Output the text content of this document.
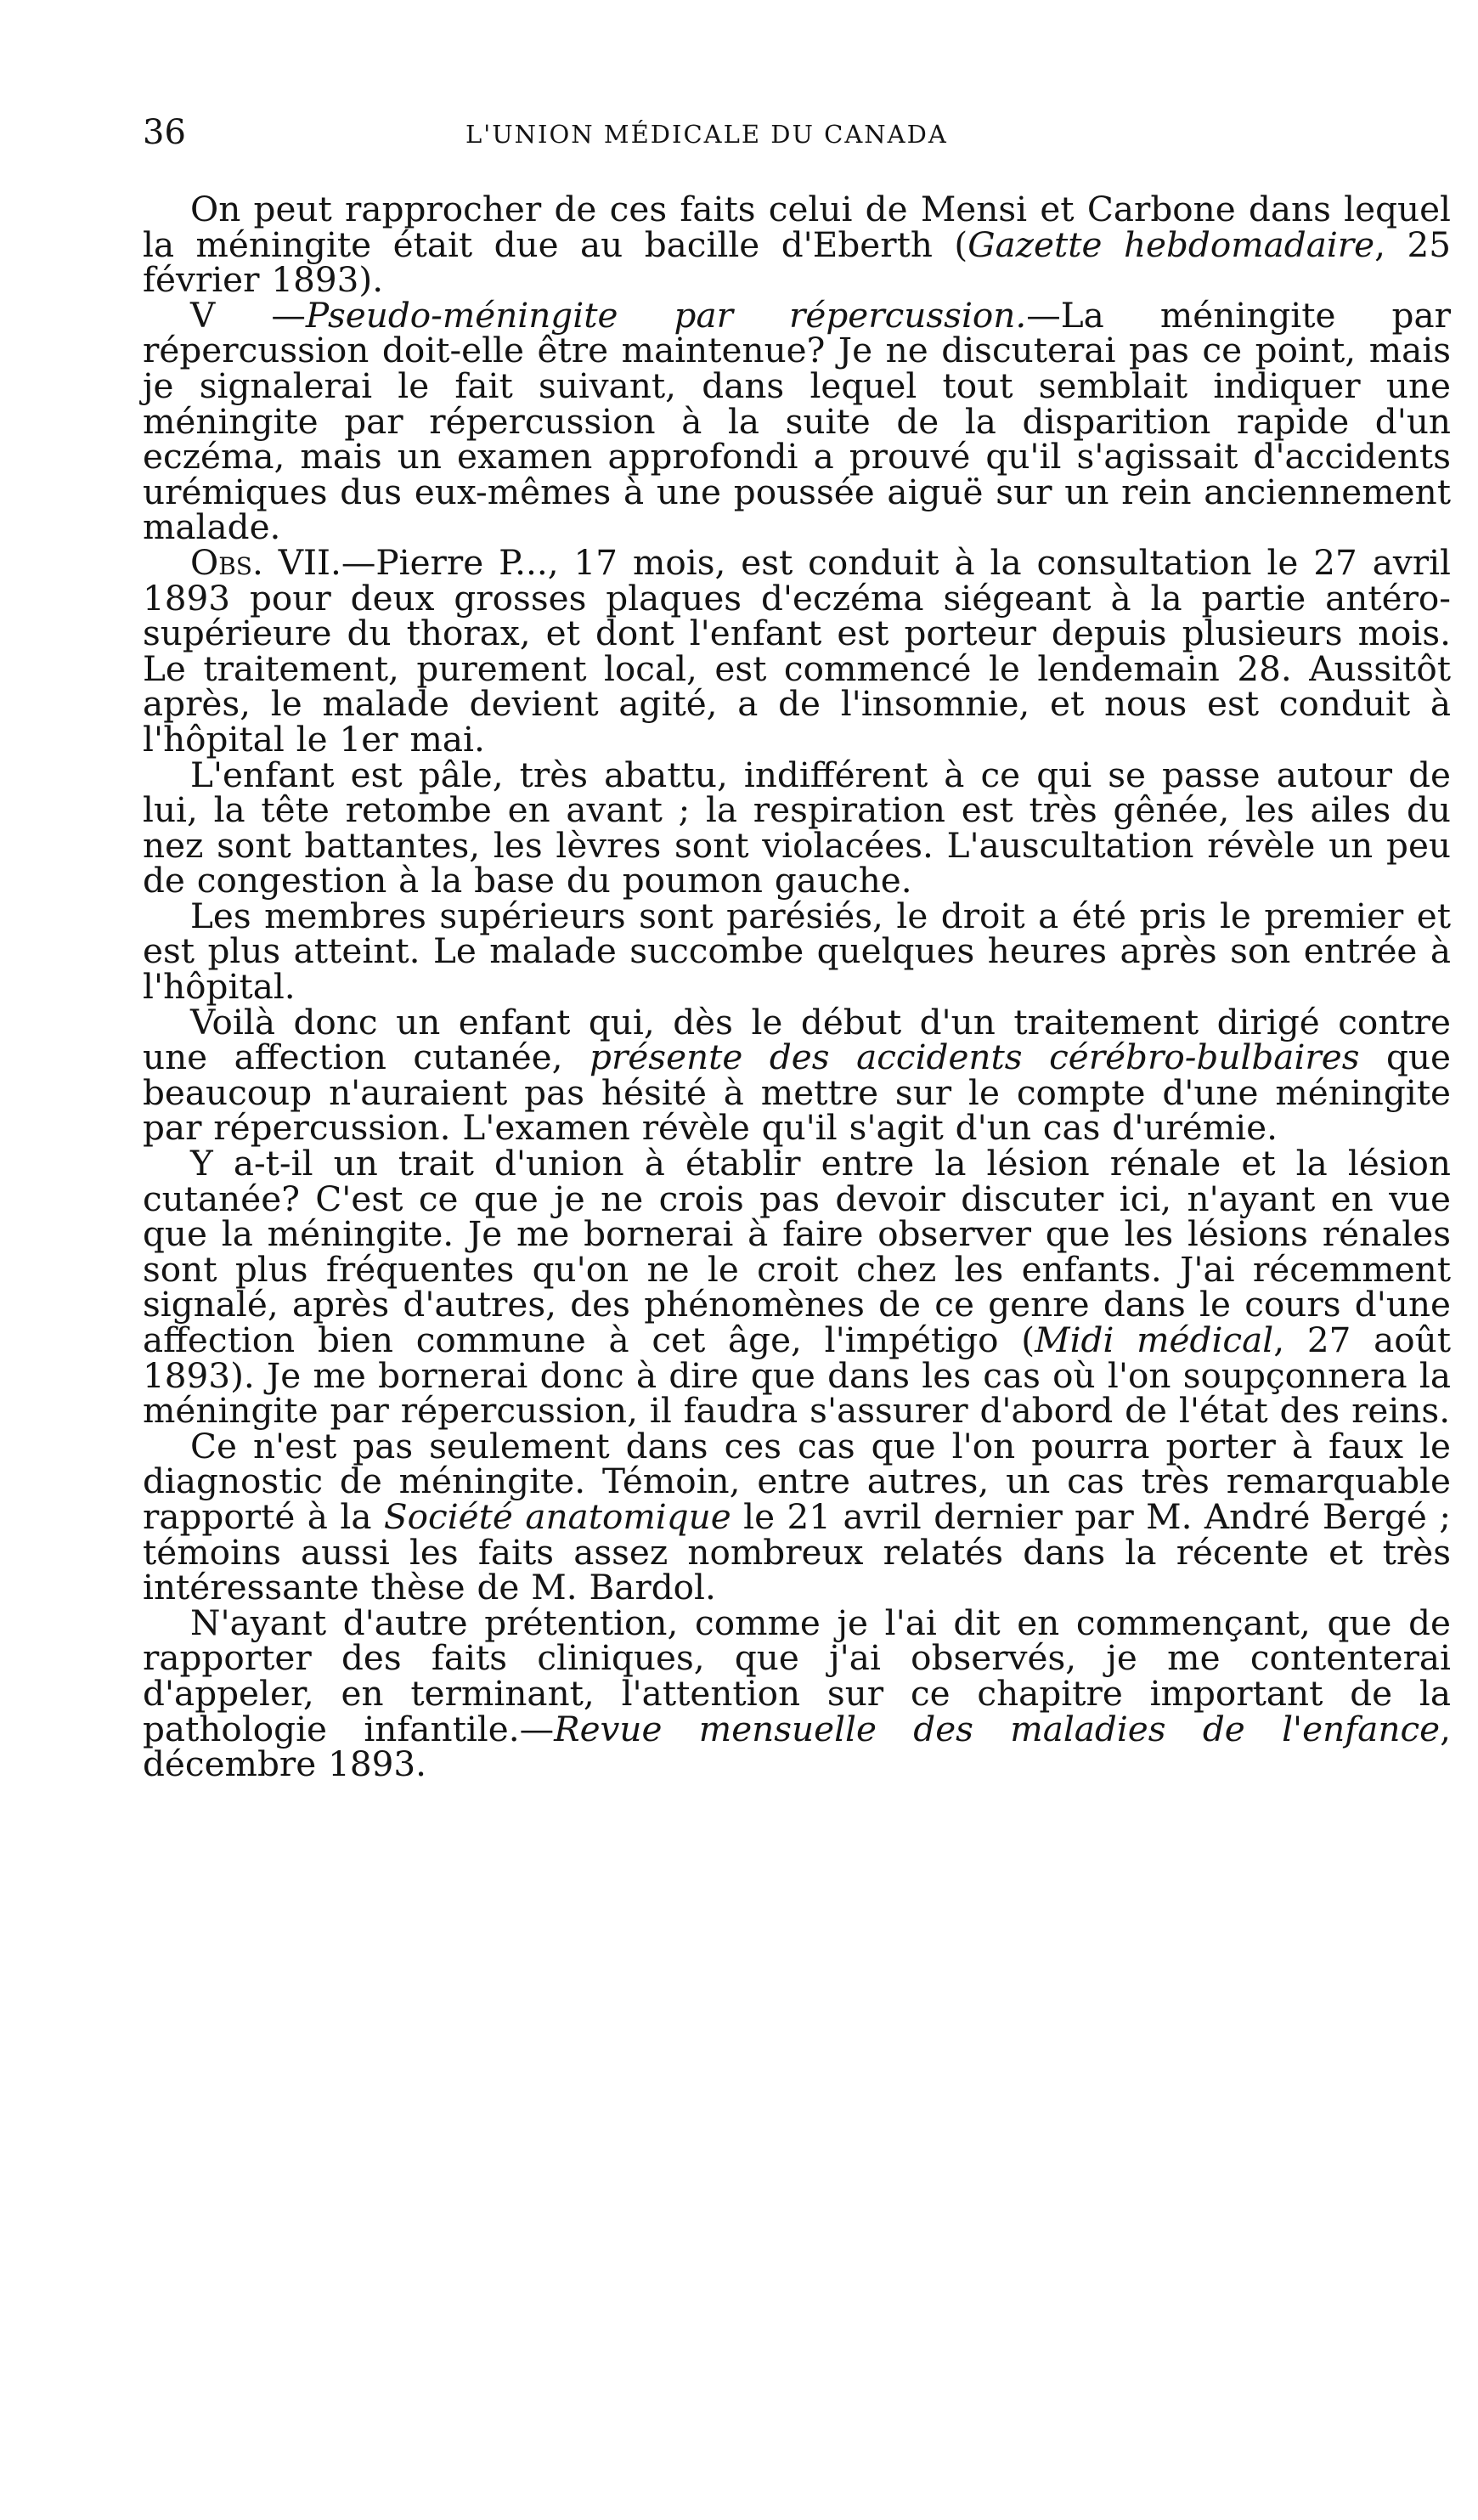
36	L'UNION MÉDICALE DU CANADA

On peut rapprocher de ces faits celui de Mensi et Carbone dans lequel la méningite était due au bacille d'Eberth (Gazette hebdomadaire, 25 février 1893).

V —Pseudo-méningite par répercussion.—La méningite par répercussion doit-elle être maintenue? Je ne discuterai pas ce point, mais je signalerai le fait suivant, dans lequel tout semblait indiquer une méningite par répercussion à la suite de la disparition rapide d'un eczéma, mais un examen approfondi a prouvé qu'il s'agissait d'accidents urémiques dus eux-mêmes à une poussée aiguë sur un rein anciennement malade.

Obs. VII.—Pierre P..., 17 mois, est conduit à la consultation le 27 avril 1893 pour deux grosses plaques d'eczéma siégeant à la partie antéro-supérieure du thorax, et dont l'enfant est porteur depuis plusieurs mois. Le traitement, purement local, est commencé le lendemain 28. Aussitôt après, le malade devient agité, a de l'insomnie, et nous est conduit à l'hôpital le 1er mai.

L'enfant est pâle, très abattu, indifférent à ce qui se passe autour de lui, la tête retombe en avant ; la respiration est très gênée, les ailes du nez sont battantes, les lèvres sont violacées. L'auscultation révèle un peu de congestion à la base du poumon gauche.

Les membres supérieurs sont parésiés, le droit a été pris le premier et est plus atteint. Le malade succombe quelques heures après son entrée à l'hôpital.

Voilà donc un enfant qui, dès le début d'un traitement dirigé contre une affection cutanée, présente des accidents cérébro-bulbaires que beaucoup n'auraient pas hésité à mettre sur le compte d'une méningite par répercussion. L'examen révèle qu'il s'agit d'un cas d'urémie.

Y a-t-il un trait d'union à établir entre la lésion rénale et la lésion cutanée? C'est ce que je ne crois pas devoir discuter ici, n'ayant en vue que la méningite. Je me bornerai à faire observer que les lésions rénales sont plus fréquentes qu'on ne le croit chez les enfants. J'ai récemment signalé, après d'autres, des phénomènes de ce genre dans le cours d'une affection bien commune à cet âge, l'impétigo (Midi médical, 27 août 1893). Je me bornerai donc à dire que dans les cas où l'on soupçonnera la méningite par répercussion, il faudra s'assurer d'abord de l'état des reins.

Ce n'est pas seulement dans ces cas que l'on pourra porter à faux le diagnostic de méningite. Témoin, entre autres, un cas très remarquable rapporté à la Société anatomique le 21 avril dernier par M. André Bergé ; témoins aussi les faits assez nombreux relatés dans la récente et très intéressante thèse de M. Bardol.

N'ayant d'autre prétention, comme je l'ai dit en commençant, que de rapporter des faits cliniques, que j'ai observés, je me contenterai d'appeler, en terminant, l'attention sur ce chapitre important de la pathologie infantile.—Revue mensuelle des maladies de l'enfance, décembre 1893.
